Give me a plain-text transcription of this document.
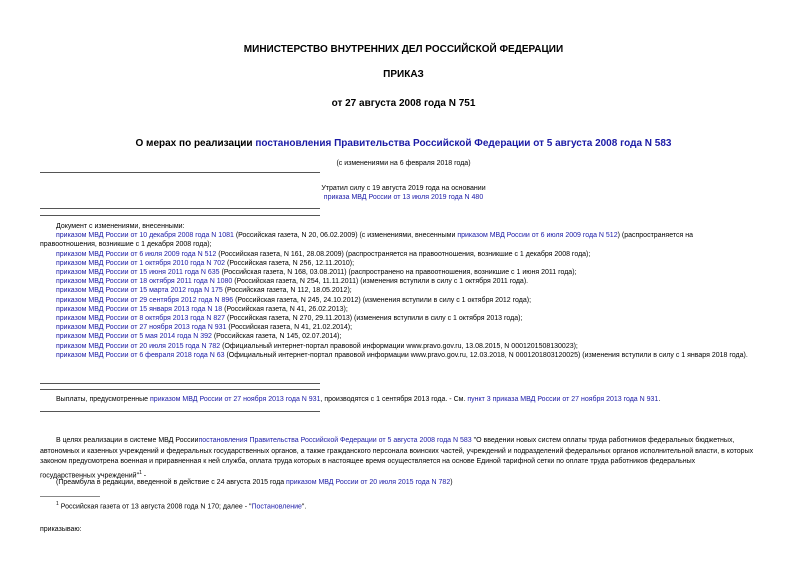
МИНИСТЕРСТВО ВНУТРЕННИХ ДЕЛ РОССИЙСКОЙ ФЕДЕРАЦИИ
ПРИКАЗ
от 27 августа 2008 года N 751
О мерах по реализации постановления Правительства Российской Федерации от 5 августа 2008 года N 583
(с изменениями на 6 февраля 2018 года)
Утратил силу с 19 августа 2019 года на основании
приказа МВД России от 13 июля 2019 года N 480
Документ с изменениями, внесенными:
приказом МВД России от 10 декабря 2008 года N 1081 (Российская газета, N 20, 06.02.2009) (с изменениями, внесенными приказом МВД России от 6 июля 2009 года N 512) (распространяется на
правоотношения, возникшие с 1 декабря 2008 года);
приказом МВД России от 6 июля 2009 года N 512 (Российская газета, N 161, 28.08.2009) (распространяется на правоотношения, возникшие с 1 декабря 2008 года);
приказом МВД России от 1 октября 2010 года N 702 (Российская газета, N 256, 12.11.2010);
приказом МВД России от 15 июня 2011 года N 635 (Российская газета, N 168, 03.08.2011) (распространено на правоотношения, возникшие с 1 июня 2011 года);
приказом МВД России от 18 октября 2011 года N 1080 (Российская газета, N 254, 11.11.2011) (изменения вступили в силу с 1 октября 2011 года).
приказом МВД России от 15 марта 2012 года N 175 (Российская газета, N 112, 18.05.2012);
приказом МВД России от 29 сентября 2012 года N 896 (Российская газета, N 245, 24.10.2012) (изменения вступили в силу с 1 октября 2012 года);
приказом МВД России от 15 января 2013 года N 18 (Российская газета, N 41, 26.02.2013);
приказом МВД России от 8 октября 2013 года N 827 (Российская газета, N 270, 29.11.2013) (изменения вступили в силу с 1 октября 2013 года);
приказом МВД России от 27 ноября 2013 года N 931 (Российская газета, N 41, 21.02.2014);
приказом МВД России от 5 мая 2014 года N 392 (Российская газета, N 145, 02.07.2014);
приказом МВД России от 20 июля 2015 года N 782 (Официальный интернет-портал правовой информации www.pravo.gov.ru, 13.08.2015, N 0001201508130023);
приказом МВД России от 6 февраля 2018 года N 63 (Официальный интернет-портал правовой информации www.pravo.gov.ru, 12.03.2018, N 0001201803120025) (изменения вступили в силу с 1 января 2018 года).
Выплаты, предусмотренные приказом МВД России от 27 ноября 2013 года N 931, производятся с 1 сентября 2013 года. - См. пункт 3 приказа МВД России от 27 ноября 2013 года N 931.
В целях реализации в системе МВД Россиипостановления Правительства Российской Федерации от 5 августа 2008 года N 583 "О введении новых систем оплаты труда работников федеральных бюджетных,
автономных и казенных учреждений и федеральных государственных органов, а также гражданского персонала воинских частей, учреждений и подразделений федеральных органов исполнительной власти, в которых
законом предусмотрена военная и приравненная к ней служба, оплата труда которых в настоящее время осуществляется на основе Единой тарифной сетки по оплате труда работников федеральных
государственных учреждений"$^1$ -
(Преамбула в редакции, введенной в действие с 24 августа 2015 года приказом МВД России от 20 июля 2015 года N 782)
$^1$ Российская газета от 13 августа 2008 года N 170; далее - "Постановление".
приказываю:
